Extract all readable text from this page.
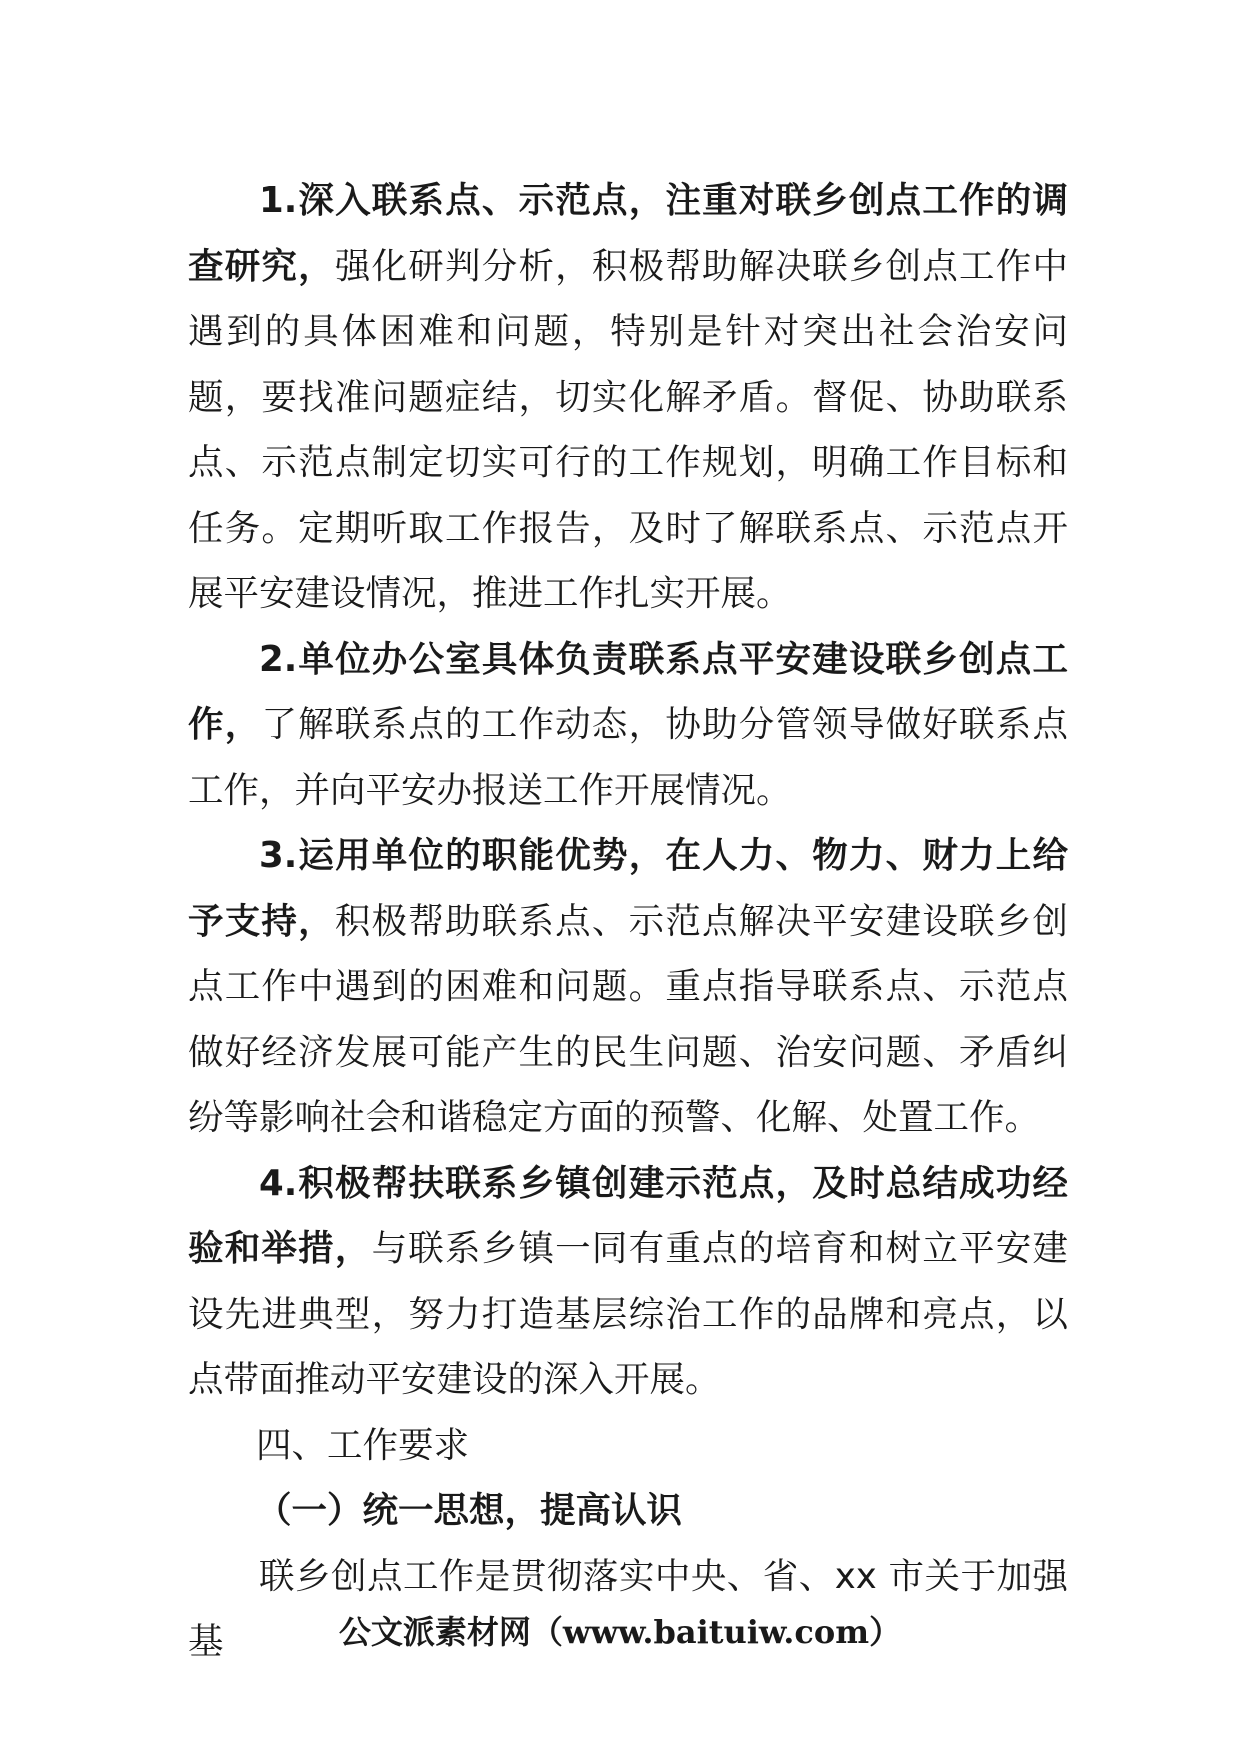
1.深入联系点、示范点，注重对联乡创点工作的调查研究，强化研判分析，积极帮助解决联乡创点工作中遇到的具体困难和问题，特别是针对突出社会治安问题，要找准问题症结，切实化解矛盾。督促、协助联系点、示范点制定切实可行的工作规划，明确工作目标和任务。定期听取工作报告，及时了解联系点、示范点开展平安建设情况，推进工作扎实开展。

2.单位办公室具体负责联系点平安建设联乡创点工作，了解联系点的工作动态，协助分管领导做好联系点工作，并向平安办报送工作开展情况。

3.运用单位的职能优势，在人力、物力、财力上给予支持，积极帮助联系点、示范点解决平安建设联乡创点工作中遇到的困难和问题。重点指导联系点、示范点做好经济发展可能产生的民生问题、治安问题、矛盾纠纷等影响社会和谐稳定方面的预警、化解、处置工作。

4.积极帮扶联系乡镇创建示范点，及时总结成功经验和举措，与联系乡镇一同有重点的培育和树立平安建设先进典型，努力打造基层综治工作的品牌和亮点，以点带面推动平安建设的深入开展。

四、工作要求

（一）统一思想，提高认识

联乡创点工作是贯彻落实中央、省、xx 市关于加强基	公文派素材网（www.baituiw.com）
